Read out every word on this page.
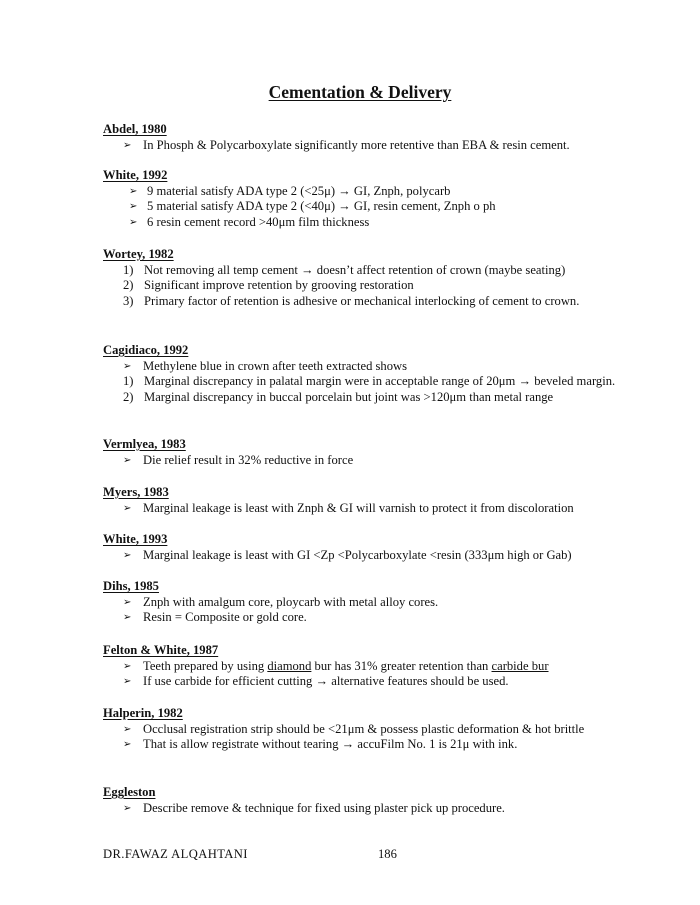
Cementation & Delivery
Abdel, 1980
➢ In Phosph & Polycarboxylate significantly more retentive than EBA & resin cement.
White, 1992
➢ 9 material satisfy ADA type 2 (<25μ) → GI, Znph, polycarb
➢ 5 material satisfy ADA type 2 (<40μ) → GI, resin cement, Znph o ph
➢ 6 resin cement record >40μm film thickness
Wortey, 1982
1) Not removing all temp cement → doesn’t affect retention of crown (maybe seating)
2) Significant improve retention by grooving restoration
3) Primary factor of retention is adhesive or mechanical interlocking of cement to crown.
Cagidiaco, 1992
➢ Methylene blue in crown after teeth extracted shows
1) Marginal discrepancy in palatal margin were in acceptable range of 20μm → beveled margin.
2) Marginal discrepancy in buccal porcelain but joint was >120μm than metal range
Vermlyea, 1983
➢ Die relief result in 32% reductive in force
Myers, 1983
➢ Marginal leakage is least with Znph & GI will varnish to protect it from discoloration
White, 1993
➢ Marginal leakage is least with GI <Zp <Polycarboxylate <resin (333μm high or Gab)
Dihs, 1985
➢ Znph with amalgum core, ploycarb with metal alloy cores.
➢ Resin = Composite or gold core.
Felton & White, 1987
➢ Teeth prepared by using diamond bur has 31% greater retention than carbide bur
➢ If use carbide for efficient cutting → alternative features should be used.
Halperin, 1982
➢ Occlusal registration strip should be <21μm & possess plastic deformation & hot brittle
➢ That is allow registrate without tearing → accuFilm No. 1 is 21μ with ink.
Eggleston
➢ Describe remove & technique for fixed using plaster pick up procedure.
DR.FAWAZ ALQAHTANI	186
